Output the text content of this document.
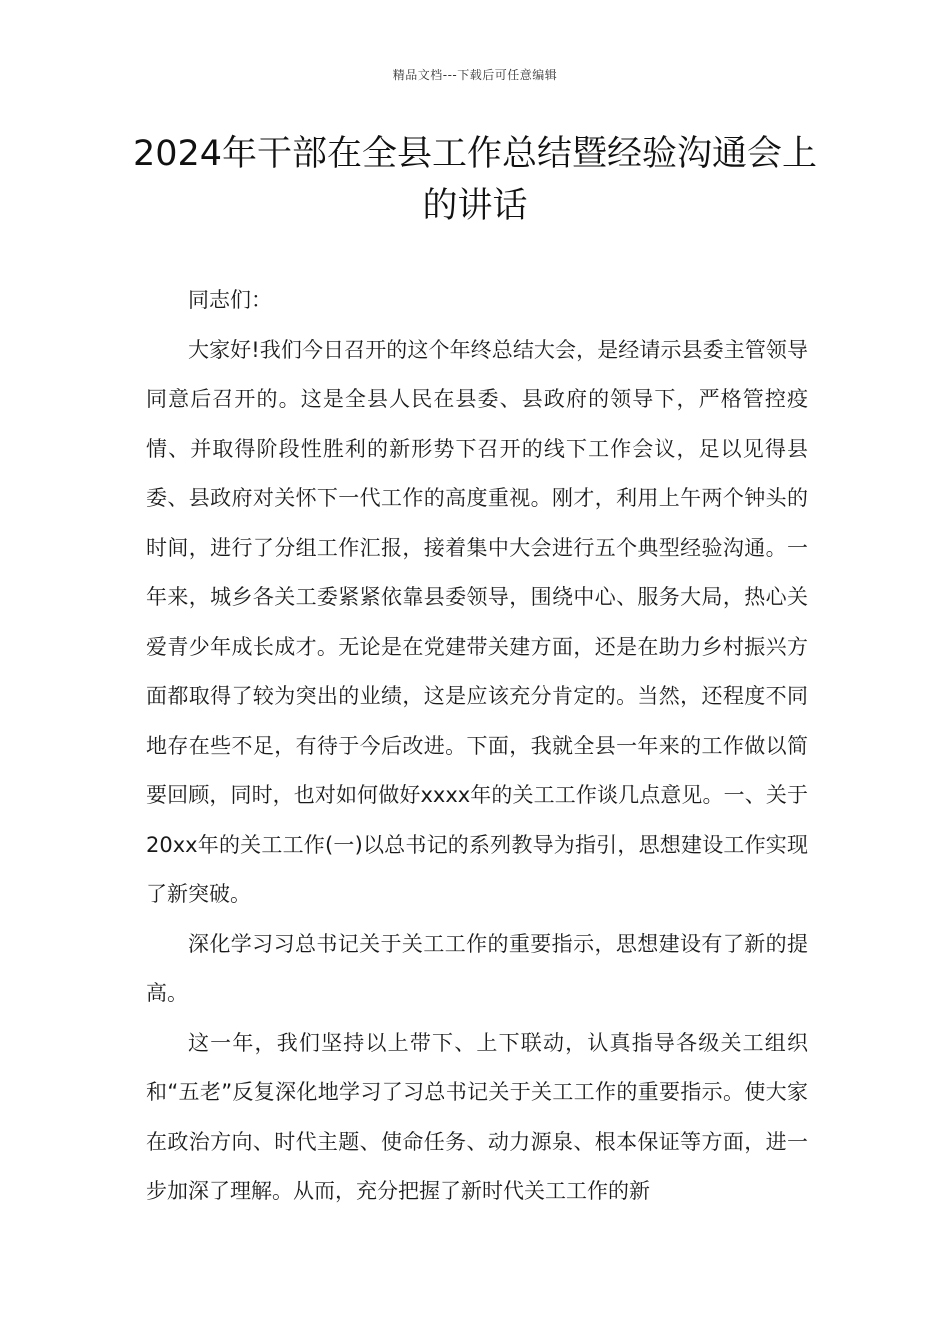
精品文档---下载后可任意编辑
2024年干部在全县工作总结暨经验沟通会上的讲话

同志们：

大家好!我们今日召开的这个年终总结大会，是经请示县委主管领导同意后召开的。这是全县人民在县委、县政府的领导下，严格管控疫情、并取得阶段性胜利的新形势下召开的线下工作会议，足以见得县委、县政府对关怀下一代工作的高度重视。刚才，利用上午两个钟头的时间，进行了分组工作汇报，接着集中大会进行五个典型经验沟通。一年来，城乡各关工委紧紧依靠县委领导，围绕中心、服务大局，热心关爱青少年成长成才。无论是在党建带关建方面，还是在助力乡村振兴方面都取得了较为突出的业绩，这是应该充分肯定的。当然，还程度不同地存在些不足，有待于今后改进。下面，我就全县一年来的工作做以简要回顾，同时，也对如何做好xxxx年的关工工作谈几点意见。一、关于20xx年的关工工作(一)以总书记的系列教导为指引，思想建设工作实现了新突破。

深化学习习总书记关于关工工作的重要指示，思想建设有了新的提高。

这一年，我们坚持以上带下、上下联动，认真指导各级关工组织和“五老”反复深化地学习了习总书记关于关工工作的重要指示。使大家在政治方向、时代主题、使命任务、动力源泉、根本保证等方面，进一步加深了理解。从而，充分把握了新时代关工工作的新
